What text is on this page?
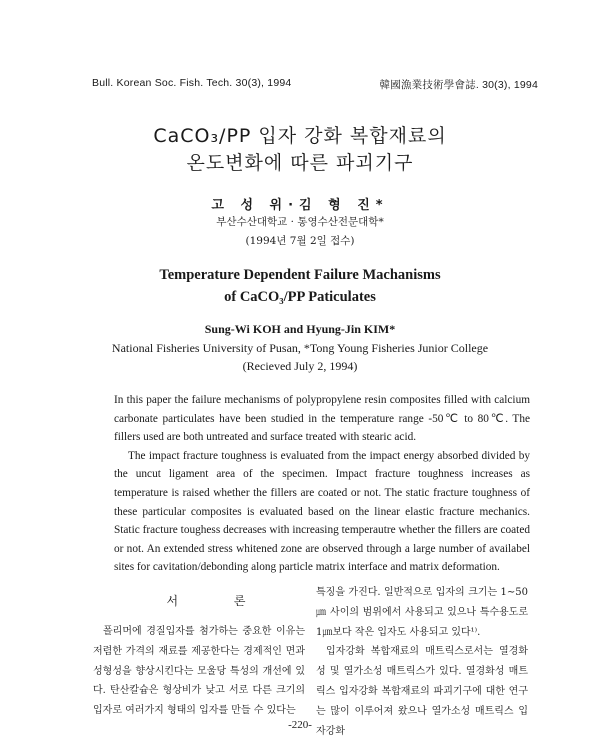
Bull. Korean Soc. Fish. Tech. 30(3), 1994	韓國漁業技術學會誌. 30(3), 1994
CaCO₃/PP 입자 강화 복합재료의
온도변화에 따른 파괴기구
고 성 위·김 형 진*
부산수산대학교 · 통영수산전문대학*
(1994년 7월 2일 접수)
Temperature Dependent Failure Machanisms
of CaCO₃/PP Paticulates
Sung-Wi KOH and Hyung-Jin KIM*
National Fisheries University of Pusan, *Tong Young Fisheries Junior College
(Recieved July 2, 1994)

In this paper the failure mechanisms of polypropylene resin composites filled with calcium carbonate particulates have been studied in the temperature range -50℃ to 80℃. The fillers used are both untreated and surface treated with stearic acid.

The impact fracture toughness is evaluated from the impact energy absorbed divided by the uncut ligament area of the specimen. Impact fracture toughness increases as temperature is raised whether the fillers are coated or not. The static fracture toughness of these particular composites is evaluated based on the linear elastic fracture mechanics. Static fracture toughess decreases with increasing temperautre whether the fillers are coated or not. An extended stress whitened zone are observed through a large number of availabel sites for cavitation/debonding along particle matrix interface and matrix deformation.

서 론

폴리머에 경질입자를 첨가하는 중요한 이유는 저렴한 가격의 재료를 제공한다는 경제적인 면과 성형성을 향상시킨다는 모울당 특성의 개선에 있다. 탄산칼슘은 형상비가 낮고 서로 다른 크기의 입자로 여러가지 형태의 입자를 만들 수 있다는

특징을 가진다. 일반적으로 입자의 크기는 1∼50㎛ 사이의 범위에서 사용되고 있으나 특수용도로 1㎛보다 작은 입자도 사용되고 있다¹⁾.

입자강화 복합재료의 매트릭스로서는 열경화성 및 열가소성 매트릭스가 있다. 열경화성 매트릭스 입자강화 복합재료의 파괴기구에 대한 연구는 많이 이루어져 왔으나 열가소성 매트릭스 입자강화

-220-
